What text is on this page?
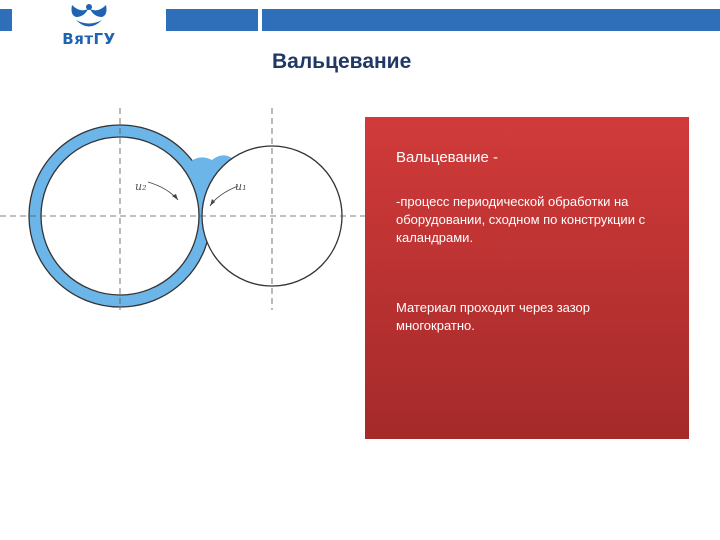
ВятГУ
Вальцевание
u₂	u₁
Вальцевание -

-процесс периодической обработки на оборудовании, сходном по конструкции с каландрами.

Материал проходит через зазор многократно.
